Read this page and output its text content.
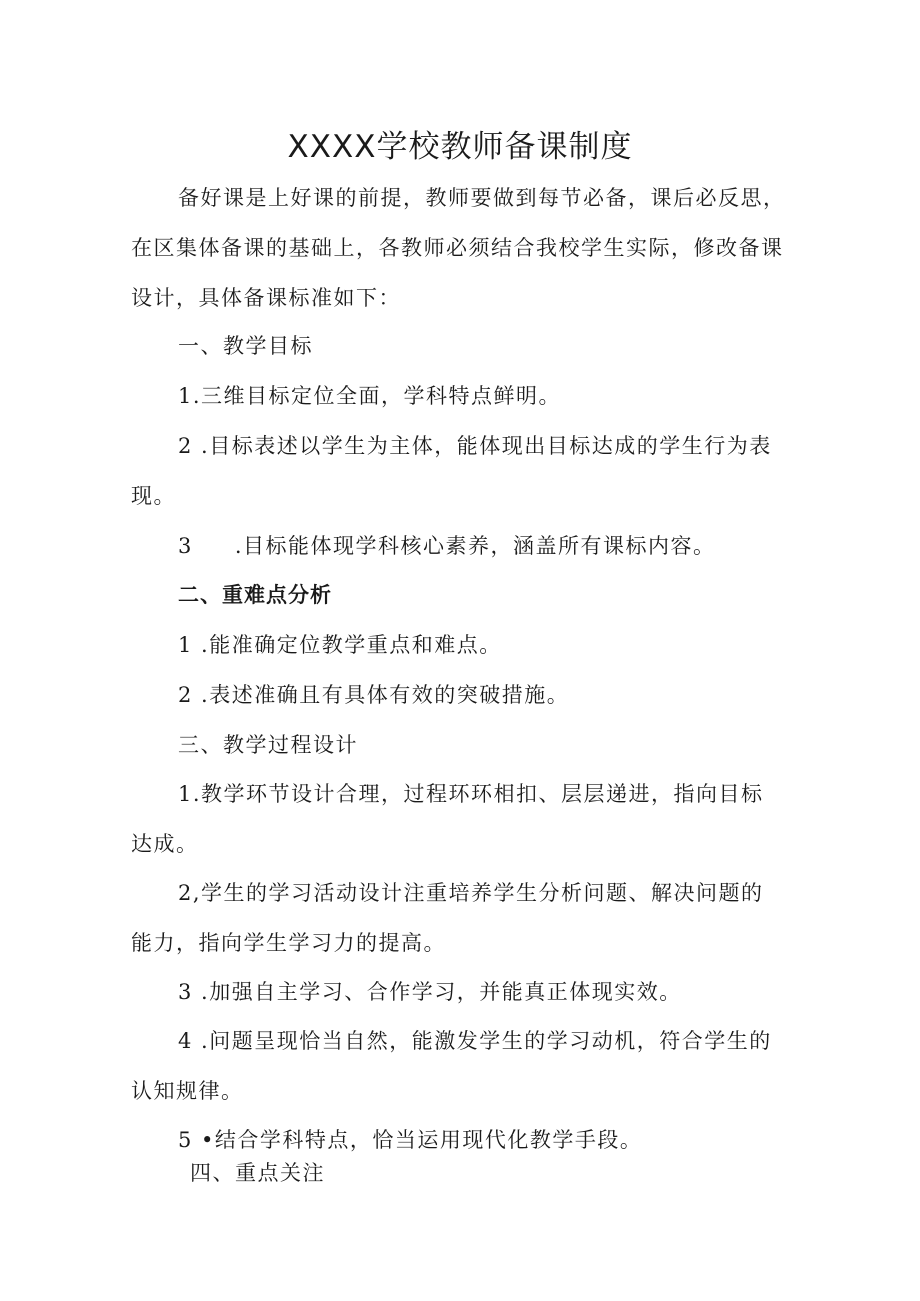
XXXX学校教师备课制度
备好课是上好课的前提，教师要做到每节必备，课后必反思，
在区集体备课的基础上，各教师必须结合我校学生实际，修改备课
设计，具体备课标准如下：
一、教学目标
1.三维目标定位全面，学科特点鲜明。
2 .目标表述以学生为主体，能体现出目标达成的学生行为表
现。
3 .目标能体现学科核心素养，涵盖所有课标内容。
二、重难点分析
1 .能准确定位教学重点和难点。
2 .表述准确且有具体有效的突破措施。
三、教学过程设计
1.教学环节设计合理，过程环环相扣、层层递进，指向目标
达成。
2,学生的学习活动设计注重培养学生分析问题、解决问题的
能力，指向学生学习力的提高。
3 .加强自主学习、合作学习，并能真正体现实效。
4 .问题呈现恰当自然，能激发学生的学习动机，符合学生的
认知规律。
5 •结合学科特点，恰当运用现代化教学手段。
四、重点关注
